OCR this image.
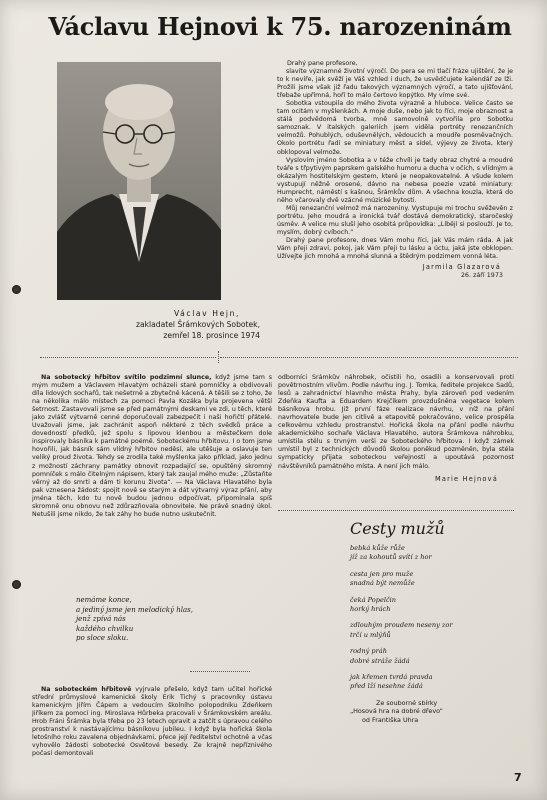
Václavu Hejnovi k 75. narozeninám
Václav Hejn,
zakladatel Šrámkových Sobotek,
zemřel 18. prosince 1974

Drahý pane profesore,

slavíte významné životní výročí. Do pera se mi tlačí fráze ujištění, že je to k nevíře, jak svěží je Váš vzhled i duch, že usvědčujete kalendář ze lži. Prožili jsme však již řadu takových významných výročí, a tato ujišťování, třebaže upřímná, hoří to málo čertovo kopýtko. My víme své.

Sobotka vstoupila do mého života výrazně a hluboce. Velice často se tam ocitám v myšlenkách. A moje duše, nebo jak to říci, moje obraznost a stálá podvědomá tvorba, mně samovolně vytvořila pro Sobotku samoznak. V italských galeriích jsem viděla portréty renezančních velmožů. Pohublých, oduševnělých, vědoucích a moudře posměvačných. Okolo portrétu řadí se miniatury měst a sídel, výjevy ze života, který obklopoval velmože.

Vyslovím jméno Sobotka a v téže chvíli je tady obraz chytré a moudré tváře s třpytivým paprskem galského humoru a ducha v očích, s vlídným a okázalým hostitelským gestem, které je neopakovatelné. A všude kolem vystupují něžně orosené, dávno na nebesa poezie vzaté miniatury: Humprecht, náměstí s kašnou, Šrámkův dům. A všechna kouzla, která do něho včarovaly dvě vzácné múzické bytosti.

Můj renezanční velmož má narozeniny. Vystupuje mi trochu svěževěn z portrétu. Jeho moudrá a ironická tvář dostává demokratický, staročeský úsměv. A velice mu sluší jeho osobitá průpovídka: „Líbějí si poslouží. Je to, myslím, dobrý cvíboch.“

Drahý pane profesore, dnes Vám mohu říci, jak Vás mám ráda. A jak Vám přeji zdraví, pokoj, jak Vám přeji tu lásku a úctu, jaká jste obklopen. Užívejte jich mnohá a mnohá slunná a štědrým podzimem vonná léta.

Jarmila Glazarová
26. září 1973

Na sobotecký hřbitov svítilo podzimní slunce, když jsme tam s mým mužem a Václavem Hlavatým ocházeli staré pomníčky a obdivovali díla lidových sochařů, tak nešetrně a zbytečně kácená. A těšili se z toho, že na několika málo místech za pomoci Pavla Kozáka byla projevena větší šetrnost. Zastavovali jsme se před památnými deskami ve zdi, u těch, které jako zvlášť výtvarně cenné doporučovali zabezpečit i naši hořičtí přátelé. Uvažovali jsme, jak zachránit aspoň některé z těch svědků práce a dovedností předků, jež spolu s lipovou klenbou a městečkem dole inspirovaly básníka k památné poémě. Soboteckému hřbitovu. I o tom jsme hovořili, jak básník sám vlídný hřbitov neděsí, ale utěšuje a oslavuje ten veliký proud života. Tehdy se zrodila také myšlenka jako příklad, jako jednu z možností záchrany památky obnovit rozpadající se, opuštěný skromný pomníček s málo čitelným nápisem, který tak zaujal mého muže: „Zůstaňte věrný až do smrti a dám ti korunu života“. — Na Václava Hlavatého byla pak vznesena žádost: spojit nově se starým a dát výtvarný výraz přání, aby jména těch, kdo tu nově budou jednou odpočívat, připomínala spíš skromně onu obnovu než zdůrazňovala obnovitele. Ne právě snadný úkol. Netušili jsme nikdo, že tak záhy ho bude nutno uskutečnit.

nemáme konce,
a jediný jsme jen melodický hlas,
jenž zpívá nás
každého chvilku
po sloce sloku.

Na soboteckém hřbitově vyjrvale přešelo, když tam učitel hořické střední průmyslové kamenické školy Erik Tichý s pracovníky ústavu kamenickým Jiřím Čápem a vedoucím školního polopodniku Zdeňkem Jiříkem za pomocí ing. Miroslava Hůrbeka pracovali v Šrámkovském areálu. Hrob Fráni Šrámka byla třeba po 23 letech opravit a zatčít s úpravou celého prostranství k nastávajícímu básníkovu jubileu. I když byla hořická škola letošního roku zavalena objednávkami, přece její ředitelství ochotně a včas vyhovělo žádosti sobotecké Osvětové besedy. Ze krajně nepříznivého počasí demontovali

odborníci Šrámkův náhrobek, očistili ho, osadili a konservovali proti povětrnostním vlivům. Podle návrhu ing. J. Tomka, ředitele projekce Sadů, lesů a zahradnictví hlavního města Prahy, byla zároveň pod vedením Zdeňka Kaufta a Eduardem Krejčíkem provzdušněna vegetace kolem básníkova hrobu. Již první fáze realizace návrhu, v níž na přání navrhovatele bude jen citlivě a etapovitě pokračováno, velice prospěla celkovému vzhledu prostranství. Hořická škola na přání podle návrhu akademického sochaře Václava Hlavatého, autora Šrámkova náhrobku, umístila stélu s trvným verši ze Soboteckého hřbitova. I když zámek umístil byl z technických důvodů školou poněkud pozměněn, byla stéla sympaticky přijata soboteckou veřejností a upoutává pozornost návštěvníků památného místa. A není jich málo.

Marie Hejnová
Cesty mužů
bebká kůže růže
jíž za kohoutů svítí z hor
cesta jen pro muže
snadná být nemůže
čeká Popelčin
horký hrách
zdlouhým proudem neseny zor
trčí u mlýňů
rodný práh
dobré stráže žádá
jak křemen tvrdá pravda
před lží nesehne žádá
Ze souborné sbírky
„Hosová hra na dobré dřevo“
od Františka Uhra
7
